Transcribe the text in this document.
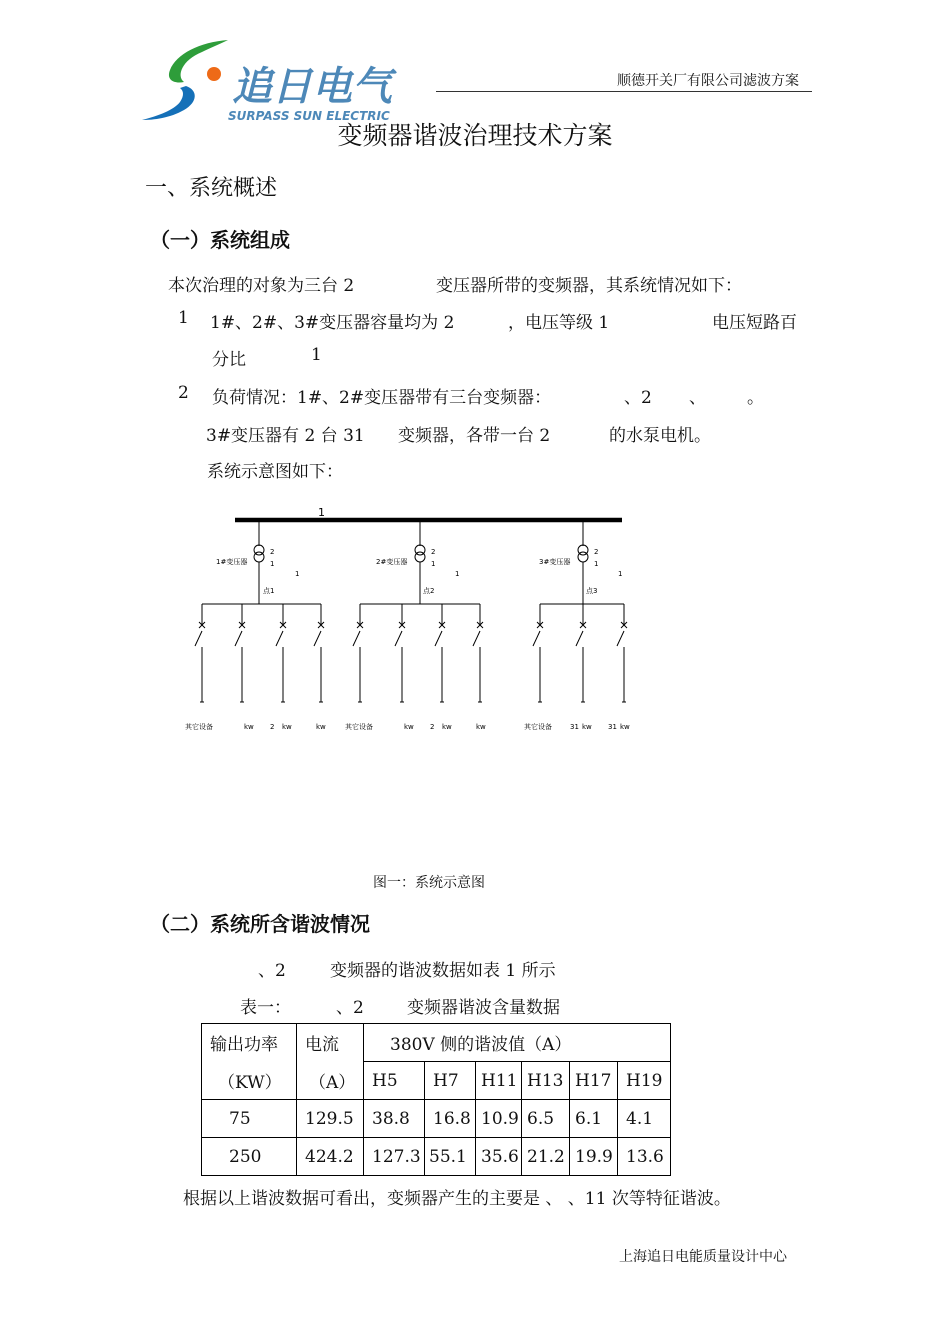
追日电气
SURPASS SUN ELECTRIC
顺德开关厂有限公司滤波方案
变频器谐波治理技术方案
一、系统概述
（一）系统组成
本次治理的对象为三台 2	变压器所带的变频器，其系统情况如下：
1 1#、2#、3#变压器容量均为 2	，电压等级 1	电压短路百
分比	1
2 负荷情况：1#、2#变压器带有三台变频器：	、2 、 。
3#变压器有 2 台 31 变频器，各带一台 2	的水泵电机。
系统示意图如下：
1
1#变压器
2
1
1
点1
2#变压器
2
1
1
点2
3#变压器
2
1
1
点3
其它设备	kw 2 kw	kw	其它设备	kw 2 kw	kw	其它设备	31 kw 31 kw
图一：系统示意图
（二）系统所含谐波情况
、2	变频器的谐波数据如表 1 所示
表一：	、2	变频器谐波含量数据
输出功率	电流	380V 侧的谐波值（A）					
（KW）	（A）	H5	H7	H11	H13	H17	H19
75	129.5	38.8	16.8	10.9	6.5	6.1	4.1
250	424.2	127.3	55.1	35.6	21.2	19.9	13.6
根据以上谐波数据可看出，变频器产生的主要是 、 、11 次等特征谐波。
上海追日电能质量设计中心
